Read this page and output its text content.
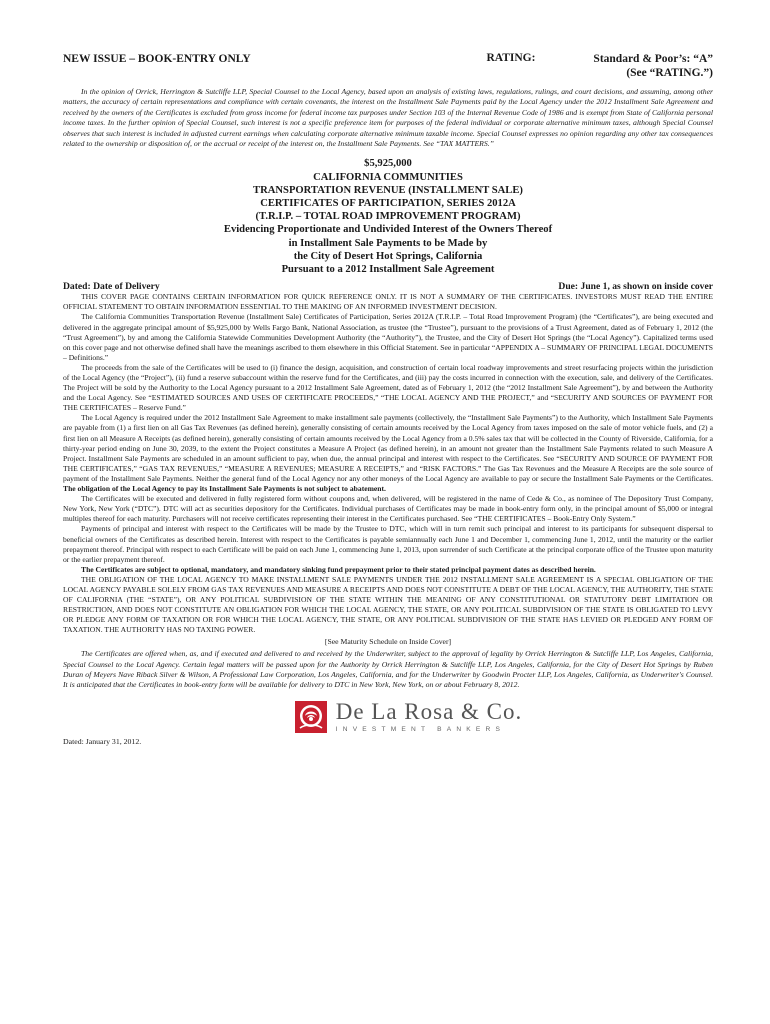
NEW ISSUE – BOOK-ENTRY ONLY	RATING:	Standard & Poor’s: “A”
(See “RATING.”)
In the opinion of Orrick, Herrington & Sutcliffe LLP, Special Counsel to the Local Agency, based upon an analysis of existing laws, regulations, rulings, and court decisions, and assuming, among other matters, the accuracy of certain representations and compliance with certain covenants, the interest on the Installment Sale Payments paid by the Local Agency under the 2012 Installment Sale Agreement and received by the owners of the Certificates is excluded from gross income for federal income tax purposes under Section 103 of the Internal Revenue Code of 1986 and is exempt from State of California personal income taxes. In the further opinion of Special Counsel, such interest is not a specific preference item for purposes of the federal individual or corporate alternative minimum taxes, although Special Counsel observes that such interest is included in adjusted current earnings when calculating corporate alternative minimum taxable income. Special Counsel expresses no opinion regarding any other tax consequences related to the ownership or disposition of, or the accrual or receipt of the interest on, the Installment Sale Payments. See “TAX MATTERS.”
$5,925,000
CALIFORNIA COMMUNITIES
TRANSPORTATION REVENUE (INSTALLMENT SALE)
CERTIFICATES OF PARTICIPATION, SERIES 2012A
(T.R.I.P. – TOTAL ROAD IMPROVEMENT PROGRAM)
Evidencing Proportionate and Undivided Interest of the Owners Thereof
in Installment Sale Payments to be Made by
the City of Desert Hot Springs, California
Pursuant to a 2012 Installment Sale Agreement
Dated: Date of Delivery	Due: June 1, as shown on inside cover

THIS COVER PAGE CONTAINS CERTAIN INFORMATION FOR QUICK REFERENCE ONLY. IT IS NOT A SUMMARY OF THE CERTIFICATES. INVESTORS MUST READ THE ENTIRE OFFICIAL STATEMENT TO OBTAIN INFORMATION ESSENTIAL TO THE MAKING OF AN INFORMED INVESTMENT DECISION.

The California Communities Transportation Revenue (Installment Sale) Certificates of Participation, Series 2012A (T.R.I.P. – Total Road Improvement Program) (the “Certificates”), are being executed and delivered in the aggregate principal amount of $5,925,000 by Wells Fargo Bank, National Association, as trustee (the “Trustee”), pursuant to the provisions of a Trust Agreement, dated as of February 1, 2012 (the “Trust Agreement”), by and among the California Statewide Communities Development Authority (the “Authority”), the Trustee, and the City of Desert Hot Springs (the “Local Agency”). Capitalized terms used on this cover page and not otherwise defined shall have the meanings ascribed to them elsewhere in this Official Statement. See in particular “APPENDIX A – SUMMARY OF PRINCIPAL LEGAL DOCUMENTS – Definitions.”

The proceeds from the sale of the Certificates will be used to (i) finance the design, acquisition, and construction of certain local roadway improvements and street resurfacing projects within the jurisdiction of the Local Agency (the “Project”), (ii) fund a reserve subaccount within the reserve fund for the Certificates, and (iii) pay the costs incurred in connection with the execution, sale, and delivery of the Certificates. The Project will be sold by the Authority to the Local Agency pursuant to a 2012 Installment Sale Agreement, dated as of February 1, 2012 (the “2012 Installment Sale Agreement”), by and between the Authority and the Local Agency. See “ESTIMATED SOURCES AND USES OF CERTIFICATE PROCEEDS,” “THE LOCAL AGENCY AND THE PROJECT,” and “SECURITY AND SOURCES OF PAYMENT FOR THE CERTIFICATES – Reserve Fund.”

The Local Agency is required under the 2012 Installment Sale Agreement to make installment sale payments (collectively, the “Installment Sale Payments”) to the Authority, which Installment Sale Payments are payable from (1) a first lien on all Gas Tax Revenues (as defined herein), generally consisting of certain amounts received by the Local Agency from taxes imposed on the sale of motor vehicle fuels, and (2) a first lien on all Measure A Receipts (as defined herein), generally consisting of certain amounts received by the Local Agency from a 0.5% sales tax that will be collected in the County of Riverside, California, for a thirty-year period ending on June 30, 2039, to the extent the Project constitutes a Measure A Project (as defined herein), in an amount not greater than the Installment Sale Payments related to such Measure A Project. Installment Sale Payments are scheduled in an amount sufficient to pay, when due, the annual principal and interest with respect to the Certificates. See “SECURITY AND SOURCE OF PAYMENT FOR THE CERTIFICATES,” “GAS TAX REVENUES,” “MEASURE A REVENUES; MEASURE A RECEIPTS,” and “RISK FACTORS.” The Gas Tax Revenues and the Measure A Receipts are the sole source of payment of the Installment Sale Payments. Neither the general fund of the Local Agency nor any other moneys of the Local Agency are available to pay or secure the Installment Sale Payments or the Certificates. The obligation of the Local Agency to pay its Installment Sale Payments is not subject to abatement.

The Certificates will be executed and delivered in fully registered form without coupons and, when delivered, will be registered in the name of Cede & Co., as nominee of The Depository Trust Company, New York, New York (“DTC”). DTC will act as securities depository for the Certificates. Individual purchases of Certificates may be made in book-entry form only, in the principal amount of $5,000 or integral multiples thereof for each maturity. Purchasers will not receive certificates representing their interest in the Certificates purchased. See “THE CERTIFICATES – Book-Entry Only System.”

Payments of principal and interest with respect to the Certificates will be made by the Trustee to DTC, which will in turn remit such principal and interest to its participants for subsequent dispersal to beneficial owners of the Certificates as described herein. Interest with respect to the Certificates is payable semiannually each June 1 and December 1, commencing June 1, 2012, until the maturity or the earlier prepayment thereof. Principal with respect to each Certificate will be paid on each June 1, commencing June 1, 2013, upon surrender of such Certificate at the principal corporate office of the Trustee upon maturity or the earlier prepayment thereof.

The Certificates are subject to optional, mandatory, and mandatory sinking fund prepayment prior to their stated principal payment dates as described herein.

THE OBLIGATION OF THE LOCAL AGENCY TO MAKE INSTALLMENT SALE PAYMENTS UNDER THE 2012 INSTALLMENT SALE AGREEMENT IS A SPECIAL OBLIGATION OF THE LOCAL AGENCY PAYABLE SOLELY FROM GAS TAX REVENUES AND MEASURE A RECEIPTS AND DOES NOT CONSTITUTE A DEBT OF THE LOCAL AGENCY, THE AUTHORITY, THE STATE OF CALIFORNIA (THE “STATE”), OR ANY POLITICAL SUBDIVISION OF THE STATE WITHIN THE MEANING OF ANY CONSTITUTIONAL OR STATUTORY DEBT LIMITATION OR RESTRICTION, AND DOES NOT CONSTITUTE AN OBLIGATION FOR WHICH THE LOCAL AGENCY, THE STATE, OR ANY POLITICAL SUBDIVISION OF THE STATE IS OBLIGATED TO LEVY OR PLEDGE ANY FORM OF TAXATION OR FOR WHICH THE LOCAL AGENCY, THE STATE, OR ANY POLITICAL SUBDIVISION OF THE STATE HAS LEVIED OR PLEDGED ANY FORM OF TAXATION. THE AUTHORITY HAS NO TAXING POWER.

[See Maturity Schedule on Inside Cover]
The Certificates are offered when, as, and if executed and delivered to and received by the Underwriter, subject to the approval of legality by Orrick Herrington & Sutcliffe LLP, Los Angeles, California, Special Counsel to the Local Agency. Certain legal matters will be passed upon for the Authority by Orrick Herrington & Sutcliffe LLP, Los Angeles, California, for the City of Desert Hot Springs by Ruben Duran of Meyers Nave Riback Silver & Wilson, A Professional Law Corporation, Los Angeles, California, and for the Underwriter by Goodwin Procter LLP, Los Angeles, California, as Underwriter's Counsel. It is anticipated that the Certificates in book-entry form will be available for delivery to DTC in New York, New York, on or about February 8, 2012.
De La Rosa & Co.
INVESTMENT BANKERS
Dated: January 31, 2012.
